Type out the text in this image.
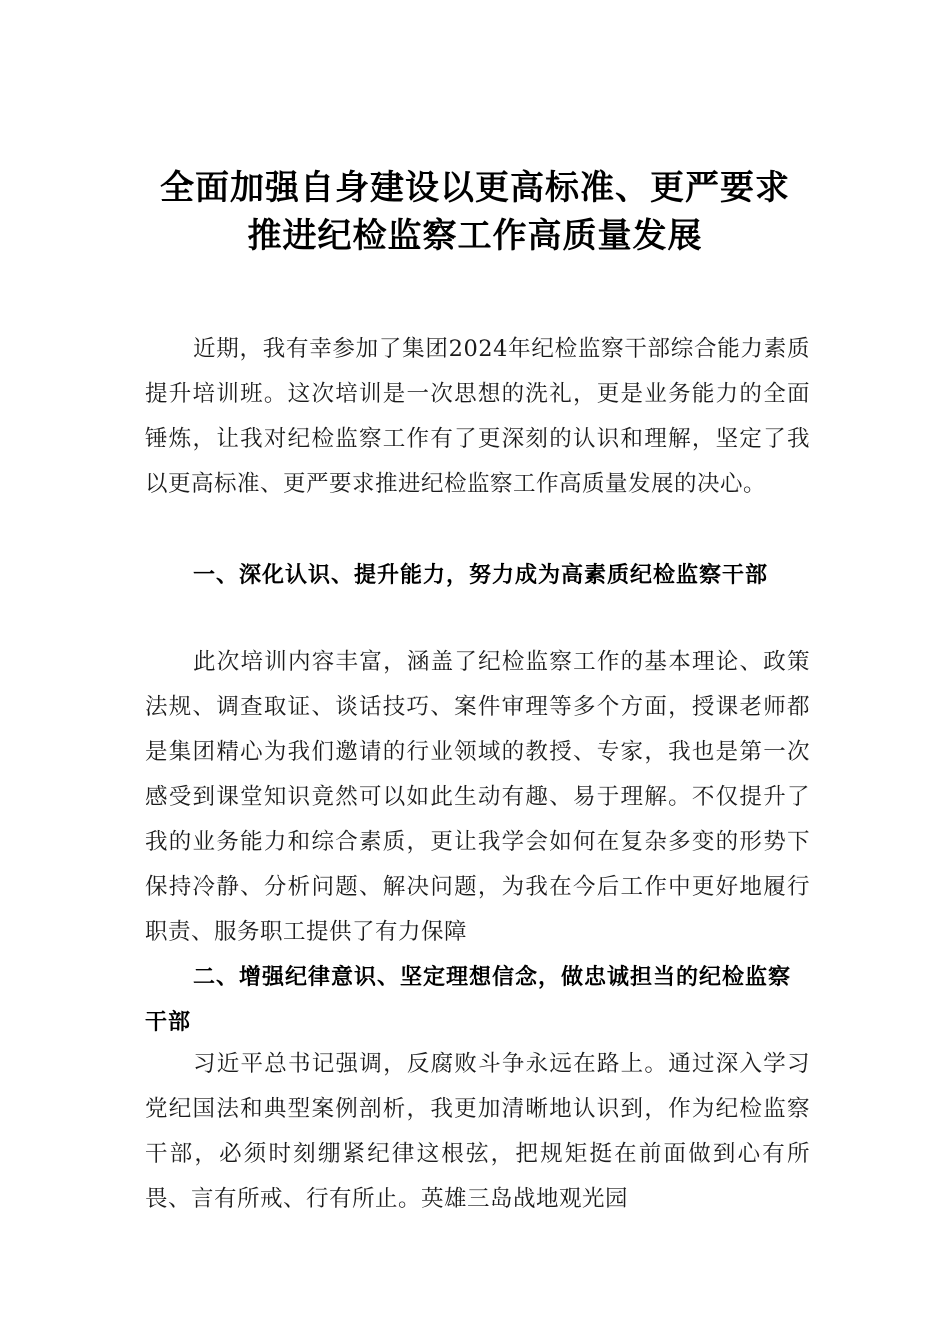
全面加强自身建设以更高标准、更严要求
推进纪检监察工作高质量发展

近期，我有幸参加了集团2024年纪检监察干部综合能力素质提升培训班。这次培训是一次思想的洗礼，更是业务能力的全面锤炼，让我对纪检监察工作有了更深刻的认识和理解，坚定了我以更高标准、更严要求推进纪检监察工作高质量发展的决心。

一、深化认识、提升能力，努力成为高素质纪检监察干部

此次培训内容丰富，涵盖了纪检监察工作的基本理论、政策法规、调查取证、谈话技巧、案件审理等多个方面，授课老师都是集团精心为我们邀请的行业领域的教授、专家，我也是第一次感受到课堂知识竟然可以如此生动有趣、易于理解。不仅提升了我的业务能力和综合素质，更让我学会如何在复杂多变的形势下保持冷静、分析问题、解决问题，为我在今后工作中更好地履行职责、服务职工提供了有力保障

二、增强纪律意识、坚定理想信念，做忠诚担当的纪检监察干部

习近平总书记强调，反腐败斗争永远在路上。通过深入学习党纪国法和典型案例剖析，我更加清晰地认识到，作为纪检监察干部，必须时刻绷紧纪律这根弦，把规矩挺在前面做到心有所畏、言有所戒、行有所止。英雄三岛战地观光园
